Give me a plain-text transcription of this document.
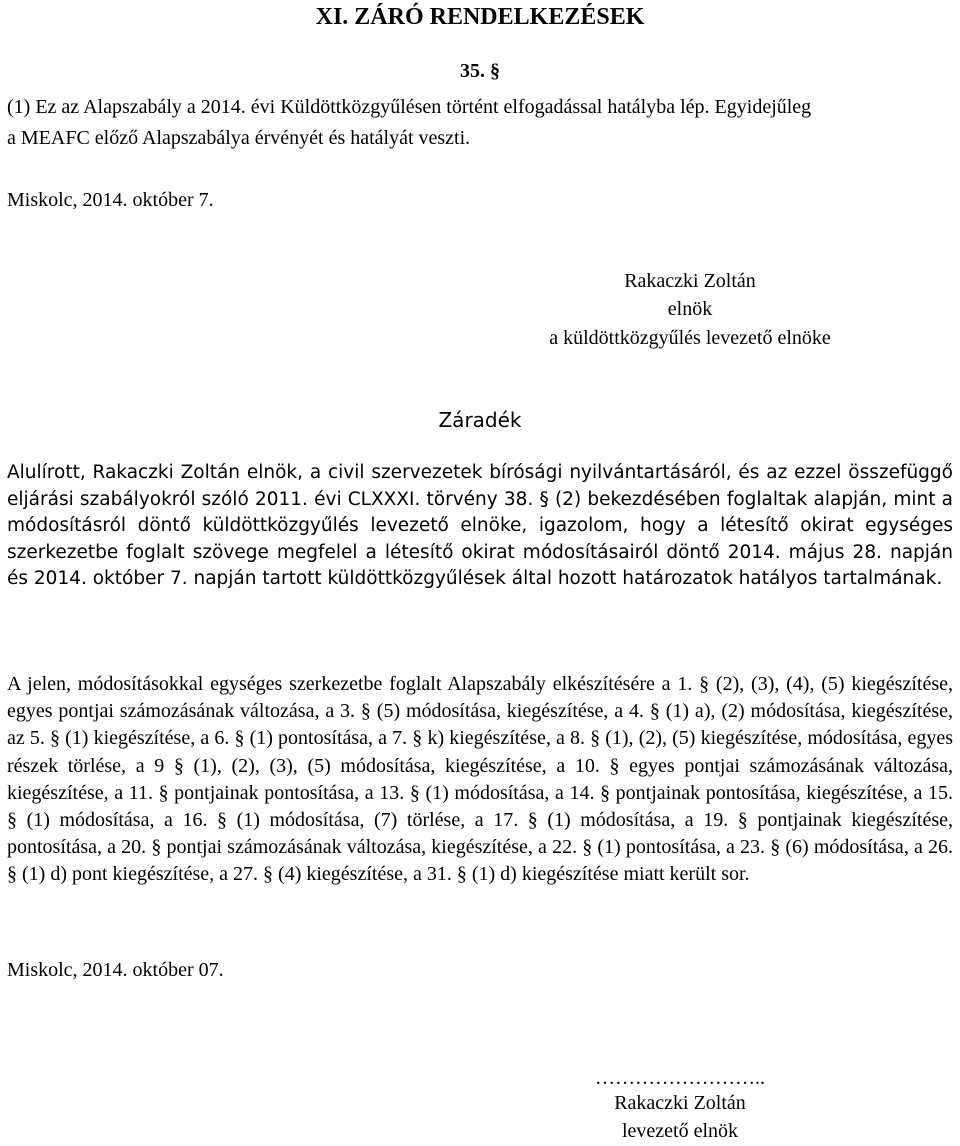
XI. ZÁRÓ RENDELKEZÉSEK
35. §
(1) Ez az Alapszabály a 2014. évi Küldöttközgyűlésen történt elfogadással hatályba lép. Egyidejűleg
a MEAFC előző Alapszabálya érvényét és hatályát veszti.
Miskolc, 2014. október 7.
Rakaczki Zoltán
elnök
a küldöttközgyűlés levezető elnöke
Záradék

Alulírott, Rakaczki Zoltán elnök, a civil szervezetek bírósági nyilvántartásáról, és az ezzel összefüggő eljárási szabályokról szóló 2011. évi CLXXXI. törvény 38. § (2) bekezdésében foglaltak alapján, mint a módosításról döntő küldöttközgyűlés levezető elnöke, igazolom, hogy a létesítő okirat egységes szerkezetbe foglalt szövege megfelel a létesítő okirat módosításairól döntő 2014. május 28. napján és 2014. október 7. napján tartott küldöttközgyűlések által hozott határozatok hatályos tartalmának.

A jelen, módosításokkal egységes szerkezetbe foglalt Alapszabály elkészítésére a 1. § (2), (3), (4), (5) kiegészítése, egyes pontjai számozásának változása, a 3. § (5) módosítása, kiegészítése, a 4. § (1) a), (2) módosítása, kiegészítése, az 5. § (1) kiegészítése, a 6. § (1) pontosítása, a 7. § k) kiegészítése, a 8. § (1), (2), (5) kiegészítése, módosítása, egyes részek törlése, a 9 § (1), (2), (3), (5) módosítása, kiegészítése, a 10. § egyes pontjai számozásának változása, kiegészítése, a 11. § pontjainak pontosítása, a 13. § (1) módosítása, a 14. § pontjainak pontosítása, kiegészítése, a 15. § (1) módosítása, a 16. § (1) módosítása, (7) törlése, a 17. § (1) módosítása, a 19. § pontjainak kiegészítése, pontosítása, a 20. § pontjai számozásának változása, kiegészítése, a 22. § (1) pontosítása, a 23. § (6) módosítása, a 26. § (1) d) pont kiegészítése, a 27. § (4) kiegészítése, a 31. § (1) d) kiegészítése miatt került sor.

Miskolc, 2014. október 07.
……………………..
Rakaczki Zoltán
levezető elnök
